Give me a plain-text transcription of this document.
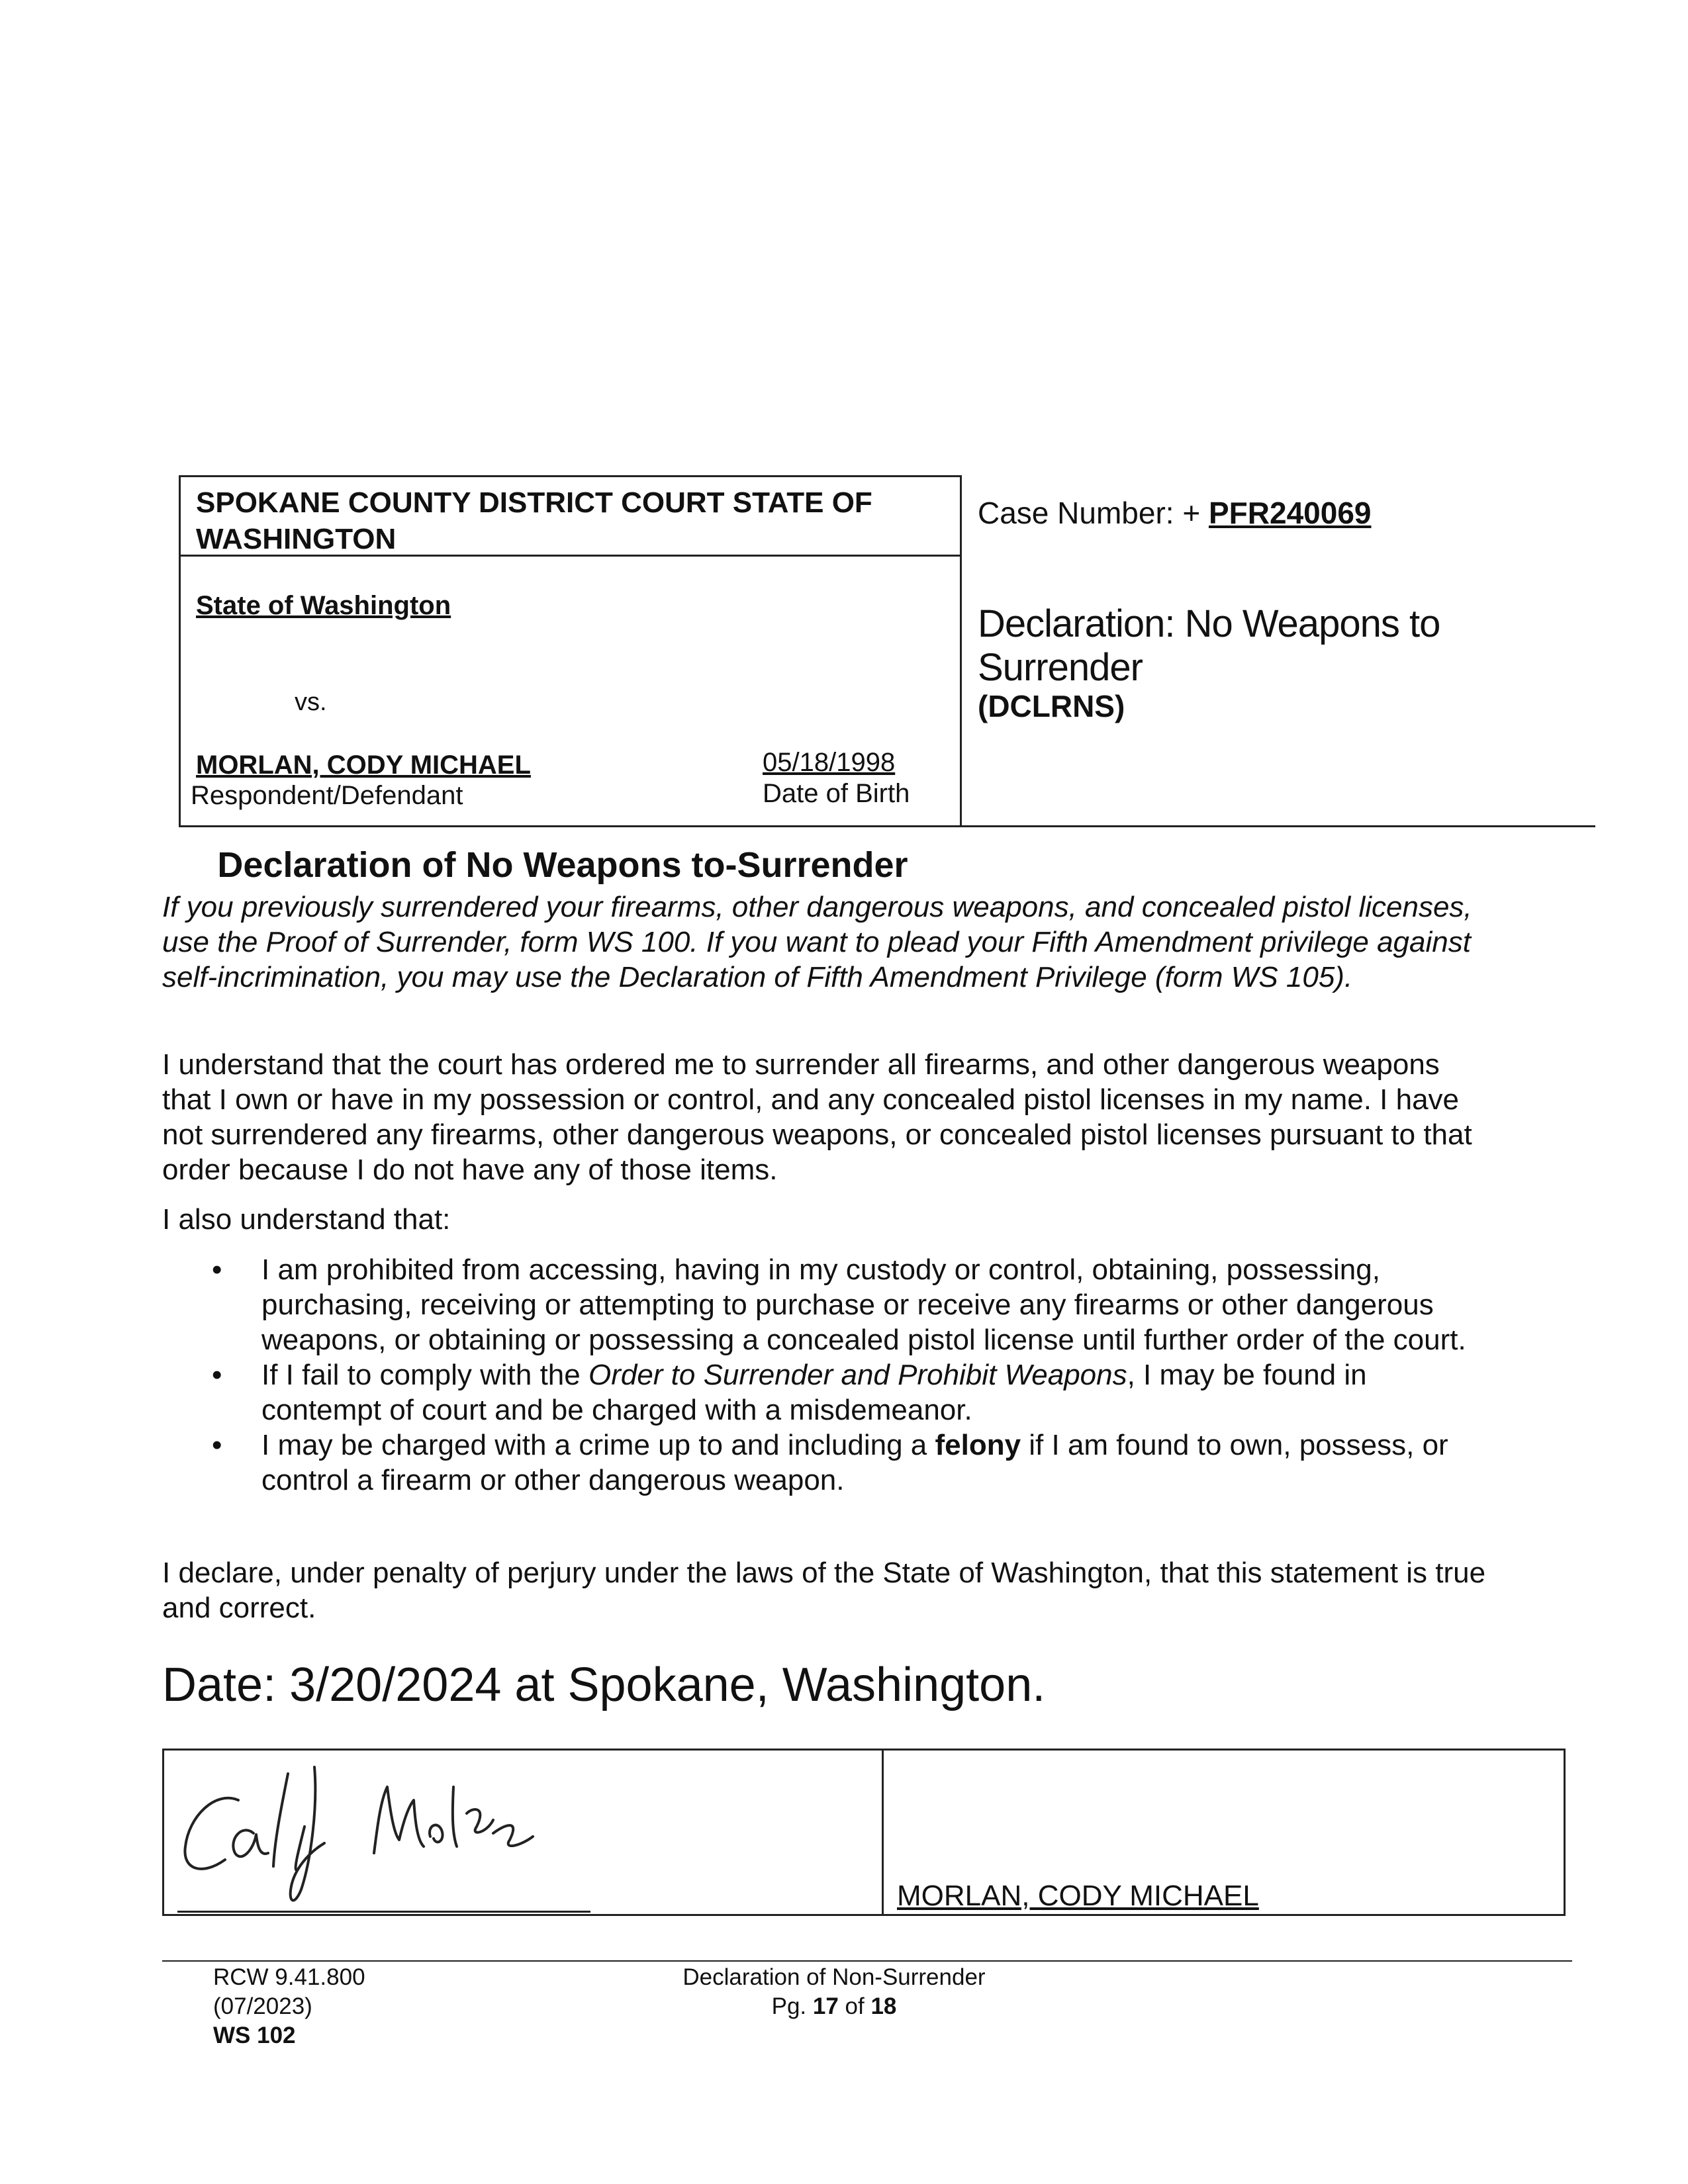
SPOKANE COUNTY DISTRICT COURT STATE OF WASHINGTON
State of Washington
vs.
MORLAN, CODY MICHAEL
Respondent/Defendant
05/18/1998
Date of Birth
Case Number: + PFR240069
Declaration: No Weapons to Surrender
(DCLRNS)
Declaration of No Weapons to-Surrender
If you previously surrendered your firearms, other dangerous weapons, and concealed pistol licenses, use the Proof of Surrender, form WS 100. If you want to plead your Fifth Amendment privilege against self-incrimination, you may use the Declaration of Fifth Amendment Privilege (form WS 105).
I understand that the court has ordered me to surrender all firearms, and other dangerous weapons that I own or have in my possession or control, and any concealed pistol licenses in my name. I have not surrendered any firearms, other dangerous weapons, or concealed pistol licenses pursuant to that order because I do not have any of those items.
I also understand that:
• I am prohibited from accessing, having in my custody or control, obtaining, possessing, purchasing, receiving or attempting to purchase or receive any firearms or other dangerous weapons, or obtaining or possessing a concealed pistol license until further order of the court.
• If I fail to comply with the Order to Surrender and Prohibit Weapons, I may be found in contempt of court and be charged with a misdemeanor.
• I may be charged with a crime up to and including a felony if I am found to own, possess, or control a firearm or other dangerous weapon.
I declare, under penalty of perjury under the laws of the State of Washington, that this statement is true and correct.
Date: 3/20/2024 at Spokane, Washington.
MORLAN, CODY MICHAEL
RCW 9.41.800
(07/2023)
WS 102
Declaration of Non-Surrender
Pg. 17 of 18
